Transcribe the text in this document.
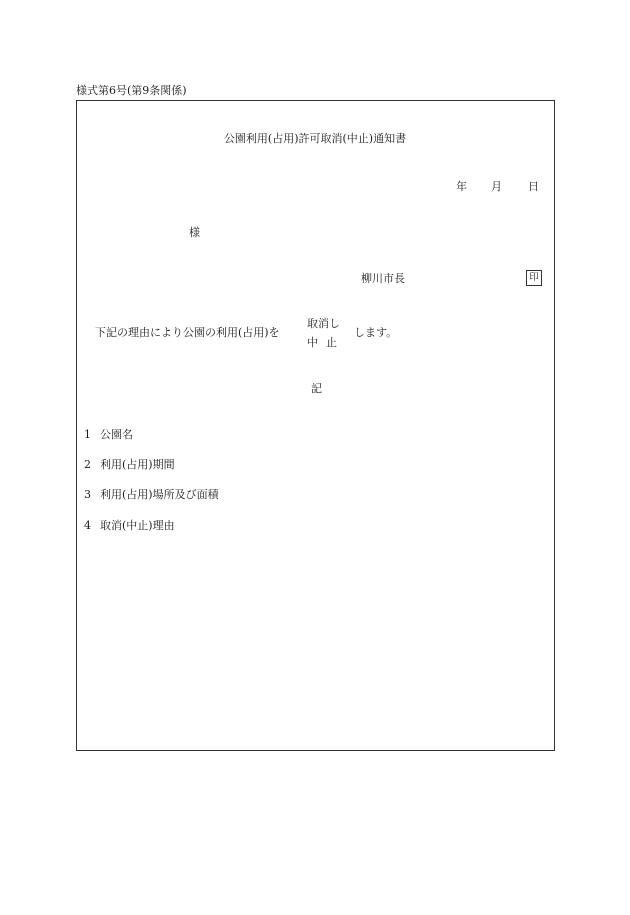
様式第6号(第9条関係)
公園利用(占用)許可取消(中止)通知書
年 月 日
様
柳川市長	印
下記の理由により公園の利用(占用)を
取消し
中止
します。
記
1 公園名
2 利用(占用)期間
3 利用(占用)場所及び面積
4 取消(中止)理由
